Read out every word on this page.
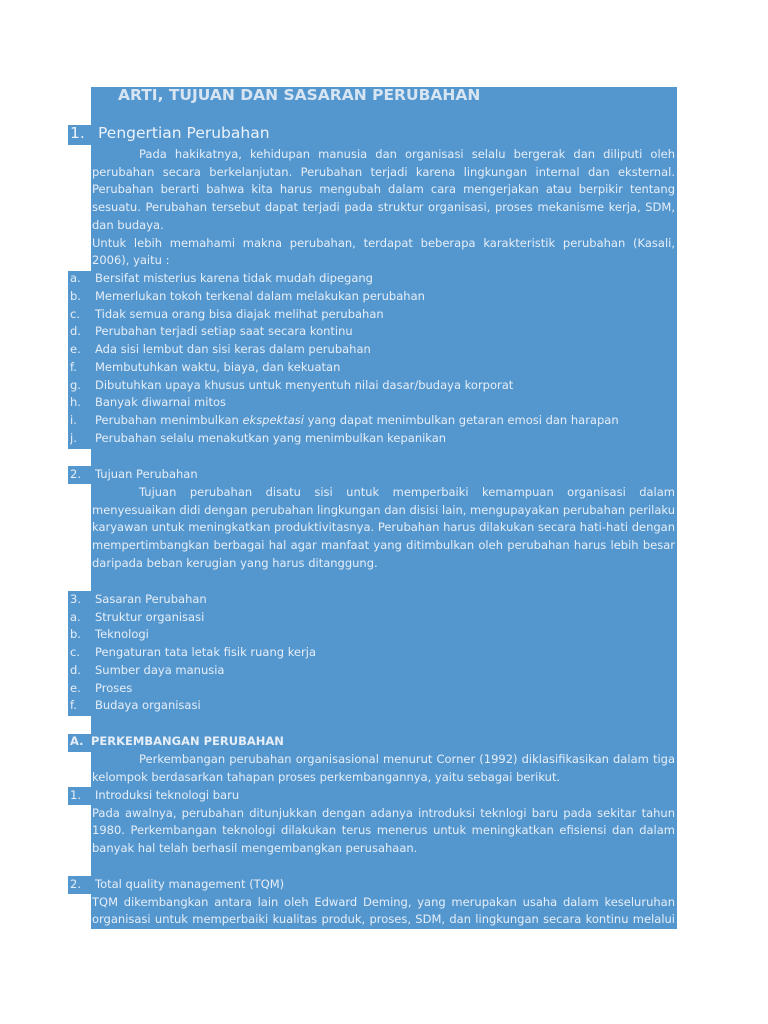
ARTI, TUJUAN DAN SASARAN PERUBAHAN
1. Pengertian Perubahan
Pada hakikatnya, kehidupan manusia dan organisasi selalu bergerak dan diliputi oleh
perubahan secara berkelanjutan. Perubahan terjadi karena lingkungan internal dan eksternal.
Perubahan berarti bahwa kita harus mengubah dalam cara mengerjakan atau berpikir tentang
sesuatu. Perubahan tersebut dapat terjadi pada struktur organisasi, proses mekanisme kerja, SDM,
dan budaya.
Untuk lebih memahami makna perubahan, terdapat beberapa karakteristik perubahan (Kasali,
2006), yaitu :
a. Bersifat misterius karena tidak mudah dipegang
b. Memerlukan tokoh terkenal dalam melakukan perubahan
c. Tidak semua orang bisa diajak melihat perubahan
d. Perubahan terjadi setiap saat secara kontinu
e. Ada sisi lembut dan sisi keras dalam perubahan
f. Membutuhkan waktu, biaya, dan kekuatan
g. Dibutuhkan upaya khusus untuk menyentuh nilai dasar/budaya korporat
h. Banyak diwarnai mitos
i. Perubahan menimbulkan ekspektasi yang dapat menimbulkan getaran emosi dan harapan
j. Perubahan selalu menakutkan yang menimbulkan kepanikan
2. Tujuan Perubahan
Tujuan perubahan disatu sisi untuk memperbaiki kemampuan organisasi dalam
menyesuaikan didi dengan perubahan lingkungan dan disisi lain, mengupayakan perubahan perilaku
karyawan untuk meningkatkan produktivitasnya. Perubahan harus dilakukan secara hati-hati dengan
mempertimbangkan berbagai hal agar manfaat yang ditimbulkan oleh perubahan harus lebih besar
daripada beban kerugian yang harus ditanggung.
3. Sasaran Perubahan
a. Struktur organisasi
b. Teknologi
c. Pengaturan tata letak fisik ruang kerja
d. Sumber daya manusia
e. Proses
f. Budaya organisasi
A. PERKEMBANGAN PERUBAHAN
Perkembangan perubahan organisasional menurut Corner (1992) diklasifikasikan dalam tiga
kelompok berdasarkan tahapan proses perkembangannya, yaitu sebagai berikut.
1. Introduksi teknologi baru
Pada awalnya, perubahan ditunjukkan dengan adanya introduksi teknlogi baru pada sekitar tahun
1980. Perkembangan teknologi dilakukan terus menerus untuk meningkatkan efisiensi dan dalam
banyak hal telah berhasil mengembangkan perusahaan.
2. Total quality management (TQM)
TQM dikembangkan antara lain oleh Edward Deming, yang merupakan usaha dalam keseluruhan
organisasi untuk memperbaiki kualitas produk, proses, SDM, dan lingkungan secara kontinu melalui
